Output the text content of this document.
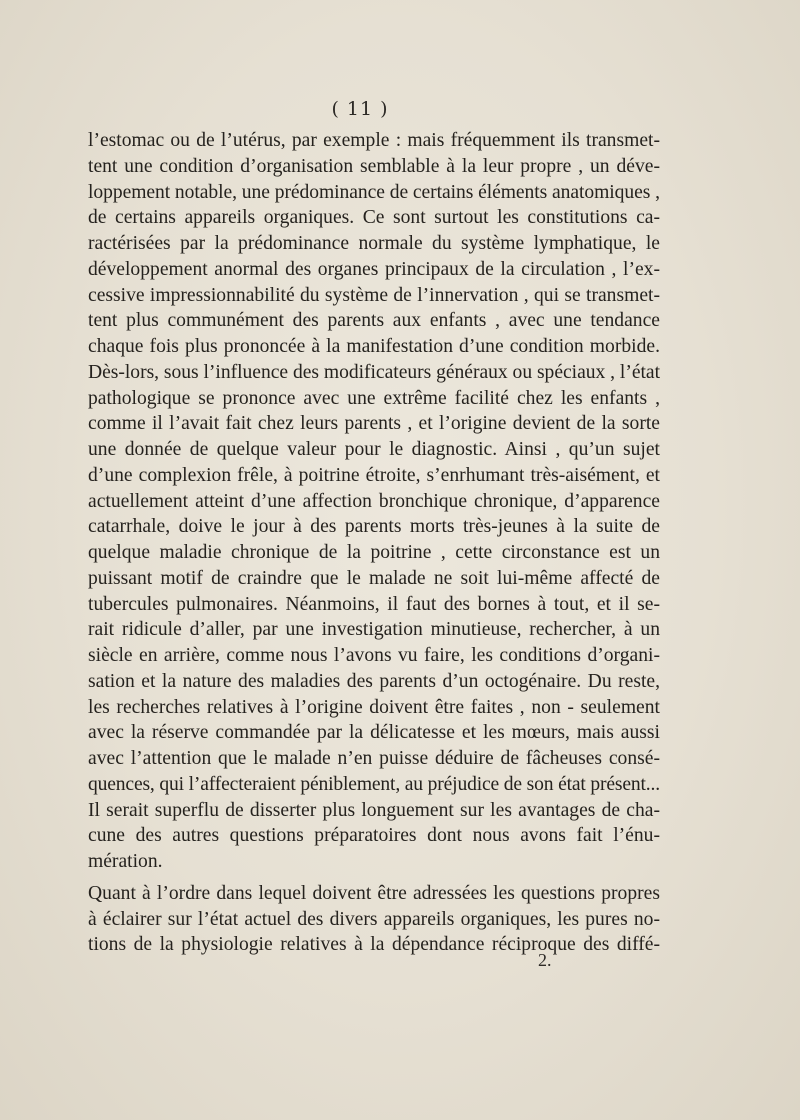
( 11 )
l’estomac ou de l’utérus, par exemple : mais fréquemment ils transmet-
tent une condition d’organisation semblable à la leur propre , un déve-
loppement notable, une prédominance de certains éléments anatomiques ,
de certains appareils organiques. Ce sont surtout les constitutions ca-
ractérisées par la prédominance normale du système lymphatique, le
développement anormal des organes principaux de la circulation , l’ex-
cessive impressionnabilité du système de l’innervation , qui se transmet-
tent plus communément des parents aux enfants , avec une tendance
chaque fois plus prononcée à la manifestation d’une condition morbide.
Dès-lors, sous l’influence des modificateurs généraux ou spéciaux , l’état
pathologique se prononce avec une extrême facilité chez les enfants ,
comme il l’avait fait chez leurs parents , et l’origine devient de la sorte
une donnée de quelque valeur pour le diagnostic. Ainsi , qu’un sujet
d’une complexion frêle, à poitrine étroite, s’enrhumant très-aisément, et
actuellement atteint d’une affection bronchique chronique, d’apparence
catarrhale, doive le jour à des parents morts très-jeunes à la suite de
quelque maladie chronique de la poitrine , cette circonstance est un
puissant motif de craindre que le malade ne soit lui-même affecté de
tubercules pulmonaires. Néanmoins, il faut des bornes à tout, et il se-
rait ridicule d’aller, par une investigation minutieuse, rechercher, à un
siècle en arrière, comme nous l’avons vu faire, les conditions d’organi-
sation et la nature des maladies des parents d’un octogénaire. Du reste,
les recherches relatives à l’origine doivent être faites , non - seulement
avec la réserve commandée par la délicatesse et les mœurs, mais aussi
avec l’attention que le malade n’en puisse déduire de fâcheuses consé-
quences, qui l’affecteraient péniblement, au préjudice de son état présent...
Il serait superflu de disserter plus longuement sur les avantages de cha-
cune des autres questions préparatoires dont nous avons fait l’énu-
mération.
Quant à l’ordre dans lequel doivent être adressées les questions propres
à éclairer sur l’état actuel des divers appareils organiques, les pures no-
tions de la physiologie relatives à la dépendance réciproque des diffé-
2.
